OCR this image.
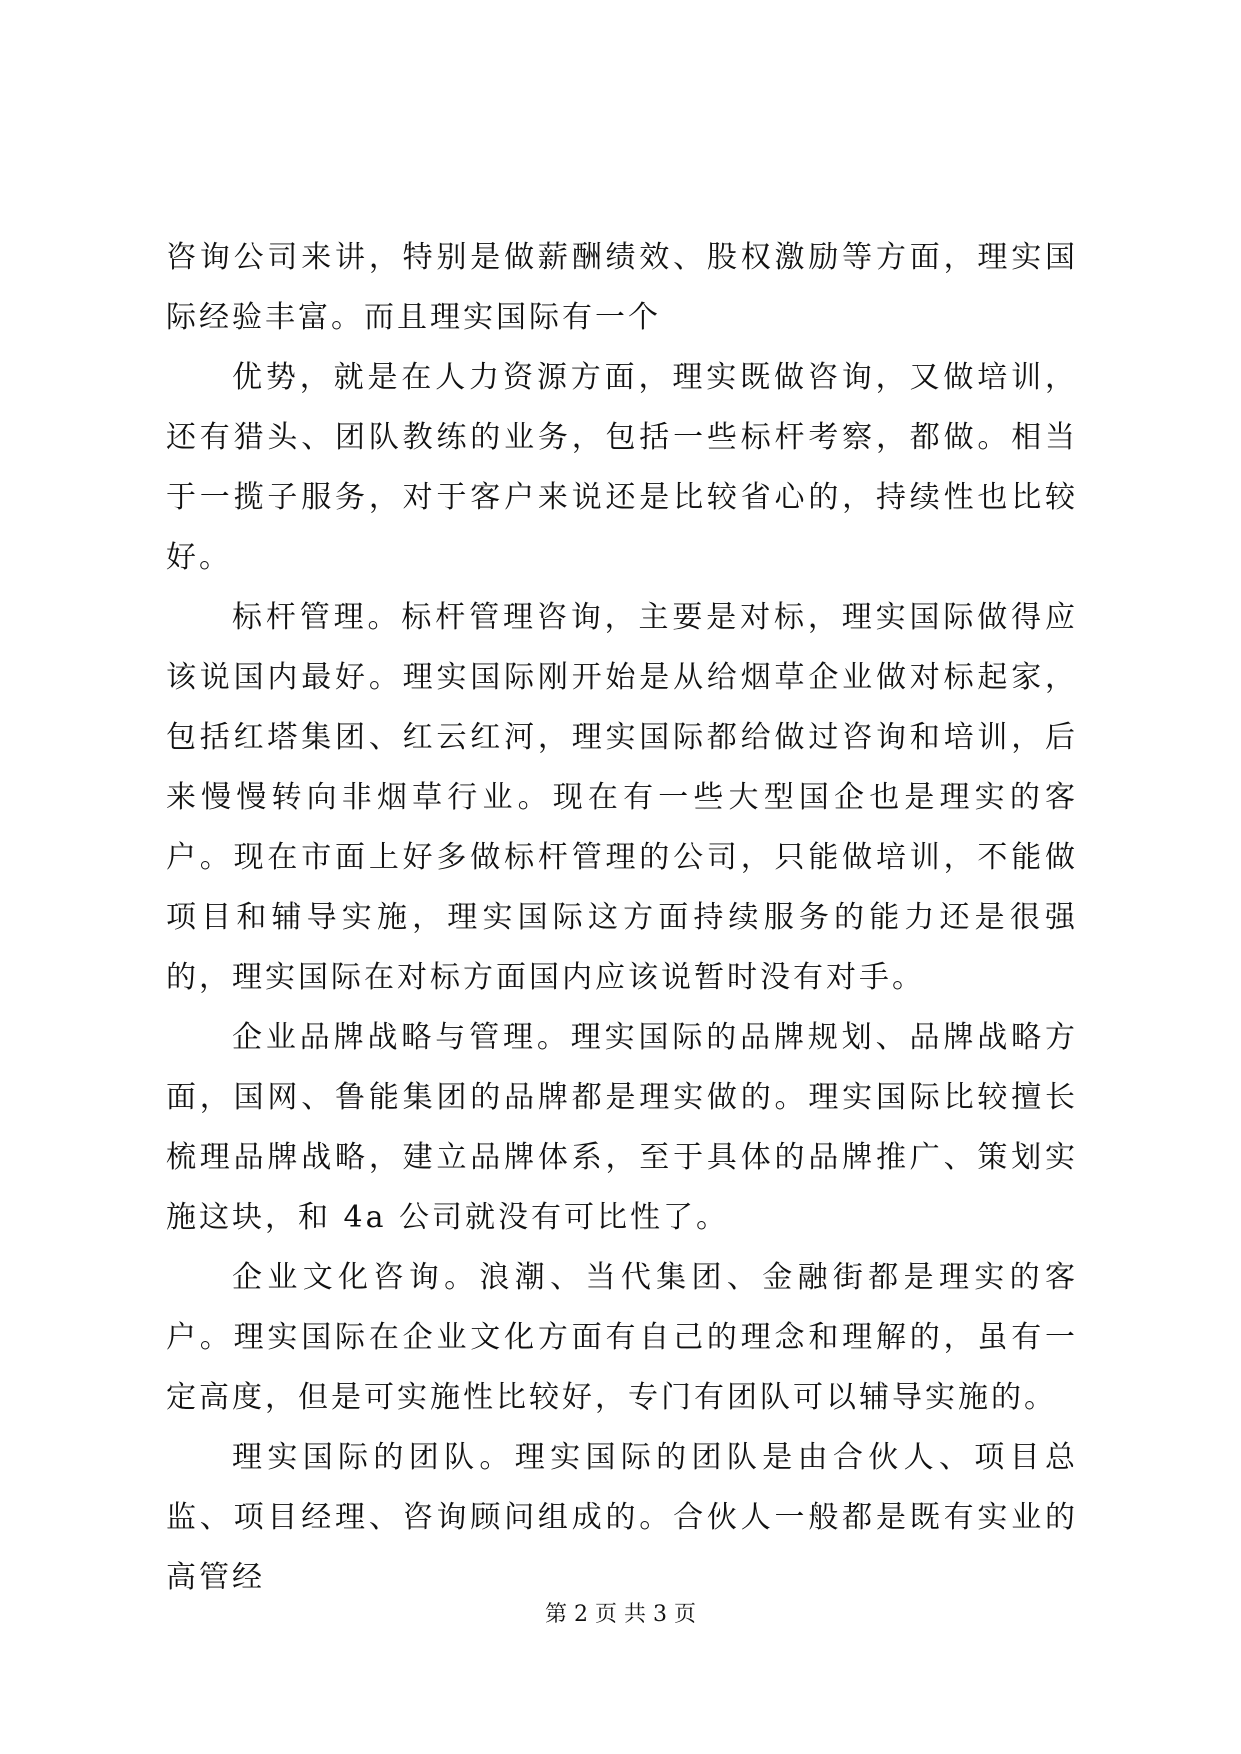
咨询公司来讲，特别是做薪酬绩效、股权激励等方面，理实国际经验丰富。而且理实国际有一个

优势，就是在人力资源方面，理实既做咨询，又做培训，还有猎头、团队教练的业务，包括一些标杆考察，都做。相当于一揽子服务，对于客户来说还是比较省心的，持续性也比较好。

标杆管理。标杆管理咨询，主要是对标，理实国际做得应该说国内最好。理实国际刚开始是从给烟草企业做对标起家，包括红塔集团、红云红河，理实国际都给做过咨询和培训，后来慢慢转向非烟草行业。现在有一些大型国企也是理实的客户。现在市面上好多做标杆管理的公司，只能做培训，不能做项目和辅导实施，理实国际这方面持续服务的能力还是很强的，理实国际在对标方面国内应该说暂时没有对手。

企业品牌战略与管理。理实国际的品牌规划、品牌战略方面，国网、鲁能集团的品牌都是理实做的。理实国际比较擅长梳理品牌战略，建立品牌体系，至于具体的品牌推广、策划实施这块，和 4a 公司就没有可比性了。

企业文化咨询。浪潮、当代集团、金融街都是理实的客户。理实国际在企业文化方面有自己的理念和理解的，虽有一定高度，但是可实施性比较好，专门有团队可以辅导实施的。

理实国际的团队。理实国际的团队是由合伙人、项目总监、项目经理、咨询顾问组成的。合伙人一般都是既有实业的高管经

第 2 页 共 3 页
